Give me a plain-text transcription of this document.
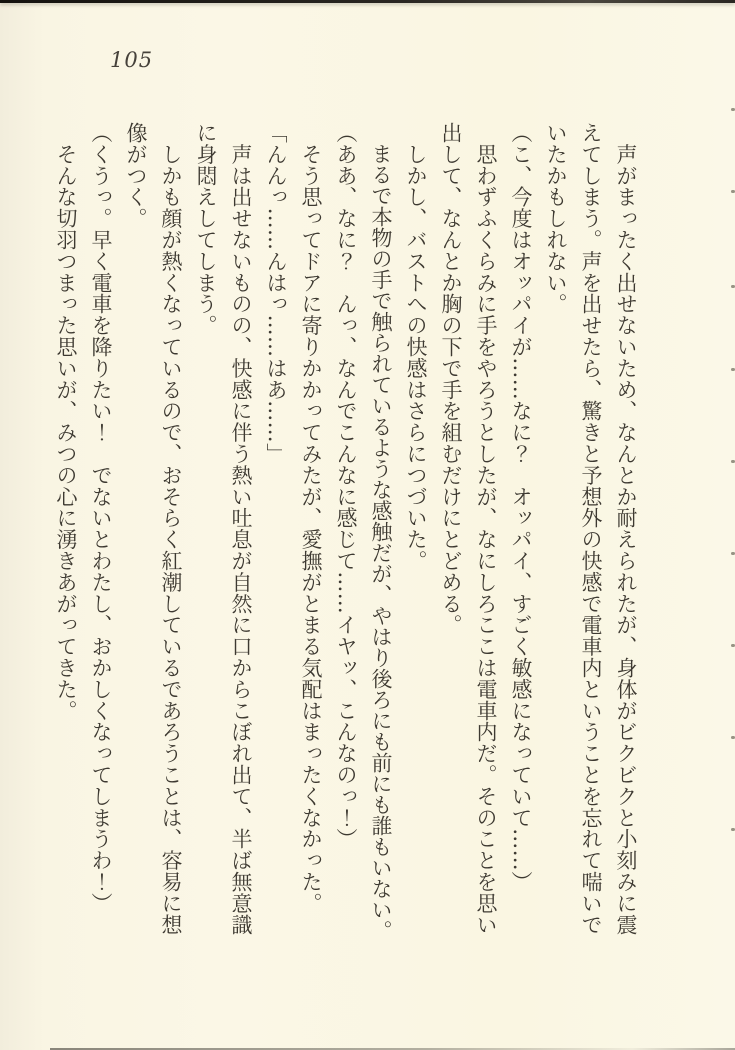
105

　声がまったく出せないため、なんとか耐えられたが、身体がビクビクと小刻みに震えてしまう。声を出せたら、驚きと予想外の快感で電車内ということを忘れて喘いでいたかもしれない。

（こ、今度はオッパイが……なに？　オッパイ、すごく敏感になっていて……）

　思わずふくらみに手をやろうとしたが、なにしろここは電車内だ。そのことを思い出して、なんとか胸の下で手を組むだけにとどめる。

　しかし、バストへの快感はさらにつづいた。

　まるで本物の手で触られているような感触だが、やはり後ろにも前にも誰もいない。

（ああ、なに？　んっ、なんでこんなに感じて……イヤッ、こんなのっ！）

　そう思ってドアに寄りかかってみたが、愛撫がとまる気配はまったくなかった。

「んんっ……んはっ……はあ……」

　声は出せないものの、快感に伴う熱い吐息が自然に口からこぼれ出て、半ば無意識に身悶えしてしまう。

　しかも顔が熱くなっているので、おそらく紅潮しているであろうことは、容易に想像がつく。

（くうっ。早く電車を降りたい！　でないとわたし、おかしくなってしまうわ！）

　そんな切羽つまった思いが、みつの心に湧きあがってきた。
